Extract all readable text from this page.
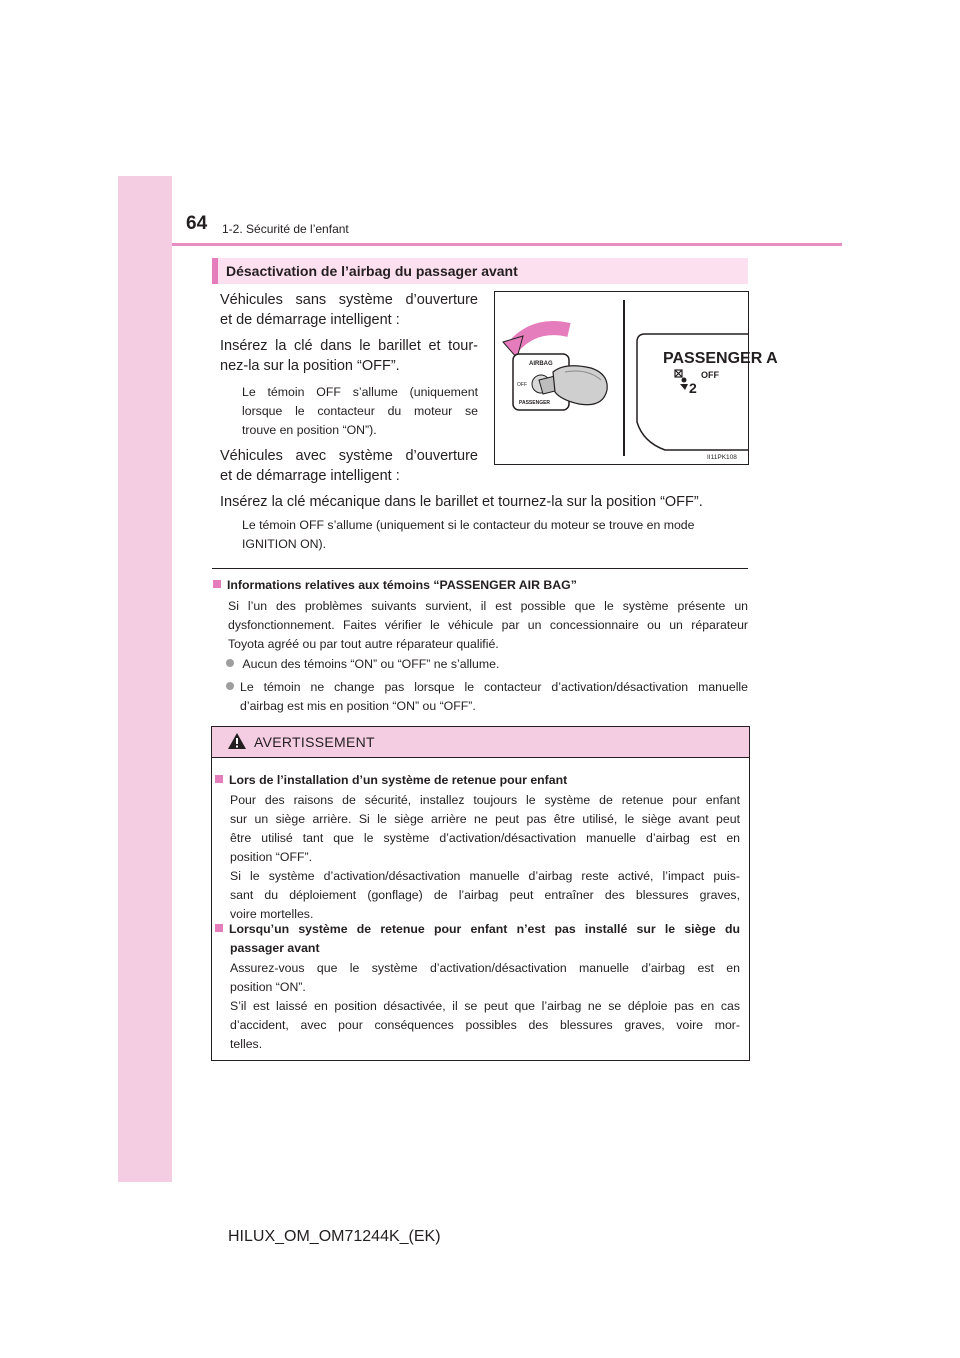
64 1-2. Sécurité de l’enfant
Désactivation de l’airbag du passager avant
Véhicules sans système d’ouverture
et de démarrage intelligent :
Insérez la clé dans le barillet et tour-
nez-la sur la position “OFF”.
Le témoin OFF s’allume (uniquement
lorsque le contacteur du moteur se
trouve en position “ON”).
Véhicules avec système d’ouverture
et de démarrage intelligent :
Insérez la clé mécanique dans le barillet et tournez-la sur la position “OFF”.
Le témoin OFF s’allume (uniquement si le contacteur du moteur se trouve en mode
IGNITION ON).
AIRBAG
OFF
PASSENGER
PASSENGER A
2
OFF
II11PK108
Informations relatives aux témoins “PASSENGER AIR BAG”
Si l’un des problèmes suivants survient, il est possible que le système présente un
dysfonctionnement. Faites vérifier le véhicule par un concessionnaire ou un réparateur
Toyota agréé ou par tout autre réparateur qualifié.
Aucun des témoins “ON” ou “OFF” ne s’allume.
Le témoin ne change pas lorsque le contacteur d’activation/désactivation manuelle
d’airbag est mis en position “ON” ou “OFF”.
AVERTISSEMENT
Lors de l’installation d’un système de retenue pour enfant
Pour des raisons de sécurité, installez toujours le système de retenue pour enfant
sur un siège arrière. Si le siège arrière ne peut pas être utilisé, le siège avant peut
être utilisé tant que le système d’activation/désactivation manuelle d’airbag est en
position “OFF”.
Si le système d’activation/désactivation manuelle d’airbag reste activé, l’impact puis-
sant du déploiement (gonflage) de l’airbag peut entraîner des blessures graves,
voire mortelles.
Lorsqu’un système de retenue pour enfant n’est pas installé sur le siège du
passager avant
Assurez-vous que le système d’activation/désactivation manuelle d’airbag est en
position “ON”.
S’il est laissé en position désactivée, il se peut que l’airbag ne se déploie pas en cas
d’accident, avec pour conséquences possibles des blessures graves, voire mor-
telles.
HILUX_OM_OM71244K_(EK)
